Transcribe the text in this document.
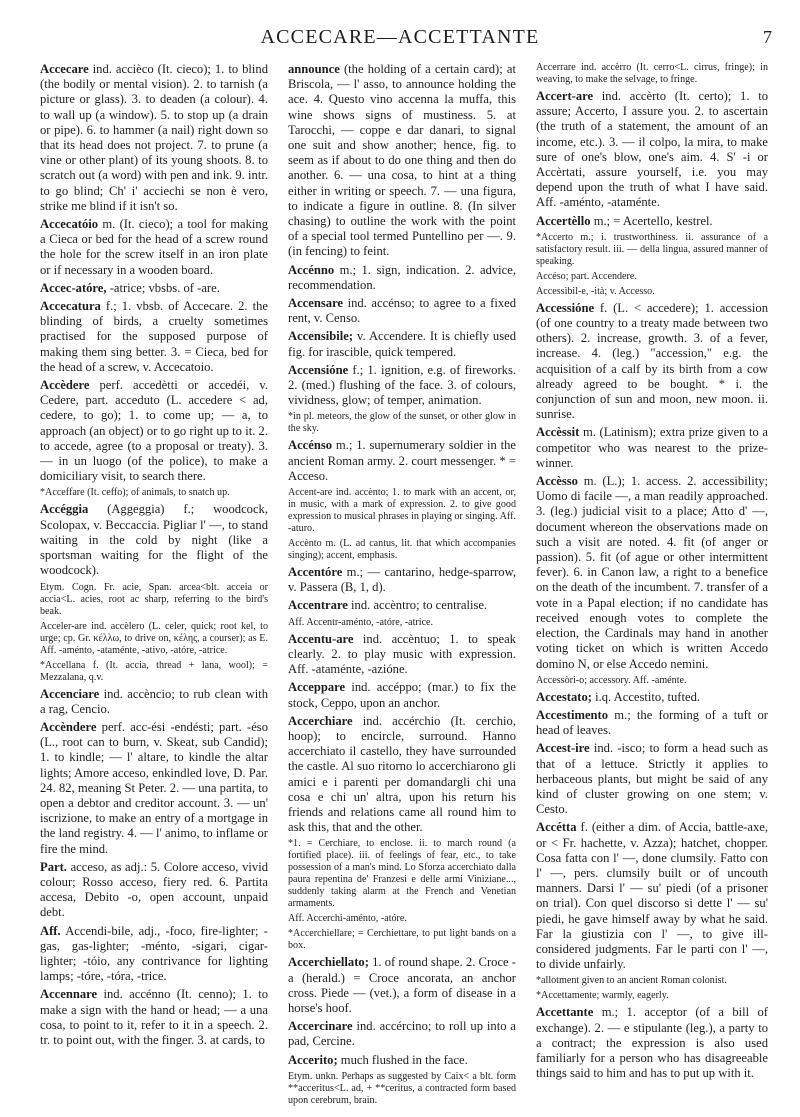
ACCECARE—ACCETTANTE	7

Accecare ind. accièco (It. cieco); 1. to blind (the bodily or mental vision). 2. to tarnish (a picture or glass). 3. to deaden (a colour). 4. to wall up (a window). 5. to stop up (a drain or pipe). 6. to hammer (a nail) right down so that its head does not project. 7. to prune (a vine or other plant) of its young shoots. 8. to scratch out (a word) with pen and ink. 9. intr. to go blind; Ch' i' acciechi se non è vero, strike me blind if it isn't so.

Accecatóio m. (It. cieco); a tool for making a Cieca or bed for the head of a screw round the hole for the screw itself in an iron plate or if necessary in a wooden board.

Accec-atóre, -atrice; vbsbs. of -are.

Accecatura f.; 1. vbsb. of Accecare. 2. the blinding of birds, a cruelty sometimes practised for the supposed purpose of making them sing better. 3. = Cieca, bed for the head of a screw, v. Accecatoio.

Accèdere perf. accedètti or accedéi, v. Cedere, part. acceduto (L. accedere < ad, cedere, to go); 1. to come up; — a, to approach (an object) or to go right up to it. 2. to accede, agree (to a proposal or treaty). 3. — in un luogo (of the police), to make a domiciliary visit, to search there.

*Acceffare (It. ceffo); of animals, to snatch up.

Accéggia (Aggeggia) f.; woodcock, Scolopax, v. Beccaccia. Pigliar l' —, to stand waiting in the cold by night (like a sportsman waiting for the flight of the woodcock).

Etym. Cogn. Fr. acie, Span. arcea<blt. acceia or accia<L. acies, root ac sharp, referring to the bird's beak.

Acceler-are ind. accèlero (L. celer, quick; root kel, to urge; cp. Gr. κέλλω, to drive on, κέλης, a courser); as E. Aff. -aménto, -ataménte, -ativo, -atóre, -atrice.

*Accellana f. (It. accia, thread + lana, wool); = Mezzalana, q.v.

Accenciare ind. accèncio; to rub clean with a rag, Cencio.

Accèndere perf. acc-ési -endésti; part. -éso (L., root can to burn, v. Skeat, sub Candid); 1. to kindle; — l' altare, to kindle the altar lights; Amore acceso, enkindled love, D. Par. 24. 82, meaning St Peter. 2. — una partita, to open a debtor and creditor account. 3. — un' iscrizione, to make an entry of a mortgage in the land registry. 4. — l' animo, to inflame or fire the mind.

Part. acceso, as adj.: 5. Colore acceso, vivid colour; Rosso acceso, fiery red. 6. Partita accesa, Debito -o, open account, unpaid debt.

Aff. Accendi-bile, adj., -foco, fire-lighter; -gas, gas-lighter; -ménto, -sigari, cigar-lighter; -tóio, any contrivance for lighting lamps; -tóre, -tóra, -trice.

Accennare ind. accénno (It. cenno); 1. to make a sign with the hand or head; — a una cosa, to point to it, refer to it in a speech. 2. tr. to point out, with the finger. 3. at cards, to

announce (the holding of a certain card); at Briscola, — l' asso, to announce holding the ace. 4. Questo vino accenna la muffa, this wine shows signs of mustiness. 5. at Tarocchi, — coppe e dar danari, to signal one suit and show another; hence, fig. to seem as if about to do one thing and then do another. 6. — una cosa, to hint at a thing either in writing or speech. 7. — una figura, to indicate a figure in outline. 8. (In silver chasing) to outline the work with the point of a special tool termed Puntellino per —. 9. (in fencing) to feint.

Accénno m.; 1. sign, indication. 2. advice, recommendation.

Accensare ind. accénso; to agree to a fixed rent, v. Censo.

Accensibile; v. Accendere. It is chiefly used fig. for irascible, quick tempered.

Accensióne f.; 1. ignition, e.g. of fireworks. 2. (med.) flushing of the face. 3. of colours, vividness, glow; of temper, animation.

*in pl. meteors, the glow of the sunset, or other glow in the sky.

Accénso m.; 1. supernumerary soldier in the ancient Roman army. 2. court messenger. * = Acceso.

Accent-are ind. accènto; 1. to mark with an accent, or, in music, with a mark of expression. 2. to give good expression to musical phrases in playing or singing. Aff. -aturo.

Accènto m. (L. ad cantus, lit. that which accompanies singing); accent, emphasis.

Accentóre m.; — cantarino, hedge-sparrow, v. Passera (B, 1, d).

Accentrare ind. accèntro; to centralise.

Aff. Accentr-aménto, -atóre, -atrice.

Accentu-are ind. accèntuo; 1. to speak clearly. 2. to play music with expression. Aff. -ataménte, -azióne.

Acceppare ind. accéppo; (mar.) to fix the stock, Ceppo, upon an anchor.

Accerchiare ind. accérchio (It. cerchio, hoop); to encircle, surround. Hanno accerchiato il castello, they have surrounded the castle. Al suo ritorno lo accerchiarono gli amici e i parenti per domandargli chi una cosa e chi un' altra, upon his return his friends and relations came all round him to ask this, that and the other.

*1. = Cerchiare, to enclose. ii. to march round (a fortified place). iii. of feelings of fear, etc., to take possession of a man's mind. Lo Sforza accerchiato dalla paura repentina de' Franzesi e delle armi Viniziane..., suddenly taking alarm at the French and Venetian armaments.

Aff. Accerchi-aménto, -atóre.

*Accerchiellare; = Cerchiettare, to put light bands on a box.

Accerchiellato; 1. of round shape. 2. Croce -a (herald.) = Croce ancorata, an anchor cross. Piede — (vet.), a form of disease in a horse's hoof.

Accercinare ind. accércino; to roll up into a pad, Cercine.

Accerito; much flushed in the face.

Etym. unkn. Perhaps as suggested by Caix< a blt. form **acceritus<L. ad, + **ceritus, a contracted form based upon cerebrum, brain.

Accerrare ind. accèrro (It. cerro<L. cirrus, fringe); in weaving, to make the selvage, to fringe.

Accert-are ind. accèrto (It. certo); 1. to assure; Accerto, I assure you. 2. to ascertain (the truth of a statement, the amount of an income, etc.). 3. — il colpo, la mira, to make sure of one's blow, one's aim. 4. S' -i or Accèrtati, assure yourself, i.e. you may depend upon the truth of what I have said. Aff. -aménto, -ataménte.

Accertèllo m.; = Acertello, kestrel.

*Accerto m.; i. trustworthiness. ii. assurance of a satisfactory result. iii. — della lingua, assured manner of speaking.

Accéso; part. Accendere.

Accessìbil-e, -ità; v. Accesso.

Accessióne f. (L. < accedere); 1. accession (of one country to a treaty made between two others). 2. increase, growth. 3. of a fever, increase. 4. (leg.) "accession," e.g. the acquisition of a calf by its birth from a cow already agreed to be bought. * i. the conjunction of sun and moon, new moon. ii. sunrise.

Accèssit m. (Latinism); extra prize given to a competitor who was nearest to the prize-winner.

Accèsso m. (L.); 1. access. 2. accessibility; Uomo di facile —, a man readily approached. 3. (leg.) judicial visit to a place; Atto d' —, document whereon the observations made on such a visit are noted. 4. fit (of anger or passion). 5. fit (of ague or other intermittent fever). 6. in Canon law, a right to a benefice on the death of the incumbent. 7. transfer of a vote in a Papal election; if no candidate has received enough votes to complete the election, the Cardinals may hand in another voting ticket on which is written Accedo domino N, or else Accedo nemini.

Accessòri-o; accessory. Aff. -aménte.

Accestato; i.q. Accestito, tufted.

Accestimento m.; the forming of a tuft or head of leaves.

Accest-ire ind. -isco; to form a head such as that of a lettuce. Strictly it applies to herbaceous plants, but might be said of any kind of cluster growing on one stem; v. Cesto.

Accétta f. (either a dim. of Accia, battle-axe, or < Fr. hachette, v. Azza); hatchet, chopper. Cosa fatta con l' —, done clumsily. Fatto con l' —, pers. clumsily built or of uncouth manners. Darsi l' — su' piedi (of a prisoner on trial). Con quel discorso si dette l' — su' piedi, he gave himself away by what he said. Far la giustizia con l' —, to give ill-considered judgments. Far le parti con l' —, to divide unfairly.

*allotment given to an ancient Roman colonist.

*Accettamente; warmly, eagerly.

Accettante m.; 1. acceptor (of a bill of exchange). 2. — e stipulante (leg.), a party to a contract; the expression is also used familiarly for a person who has disagreeable things said to him and has to put up with it.
